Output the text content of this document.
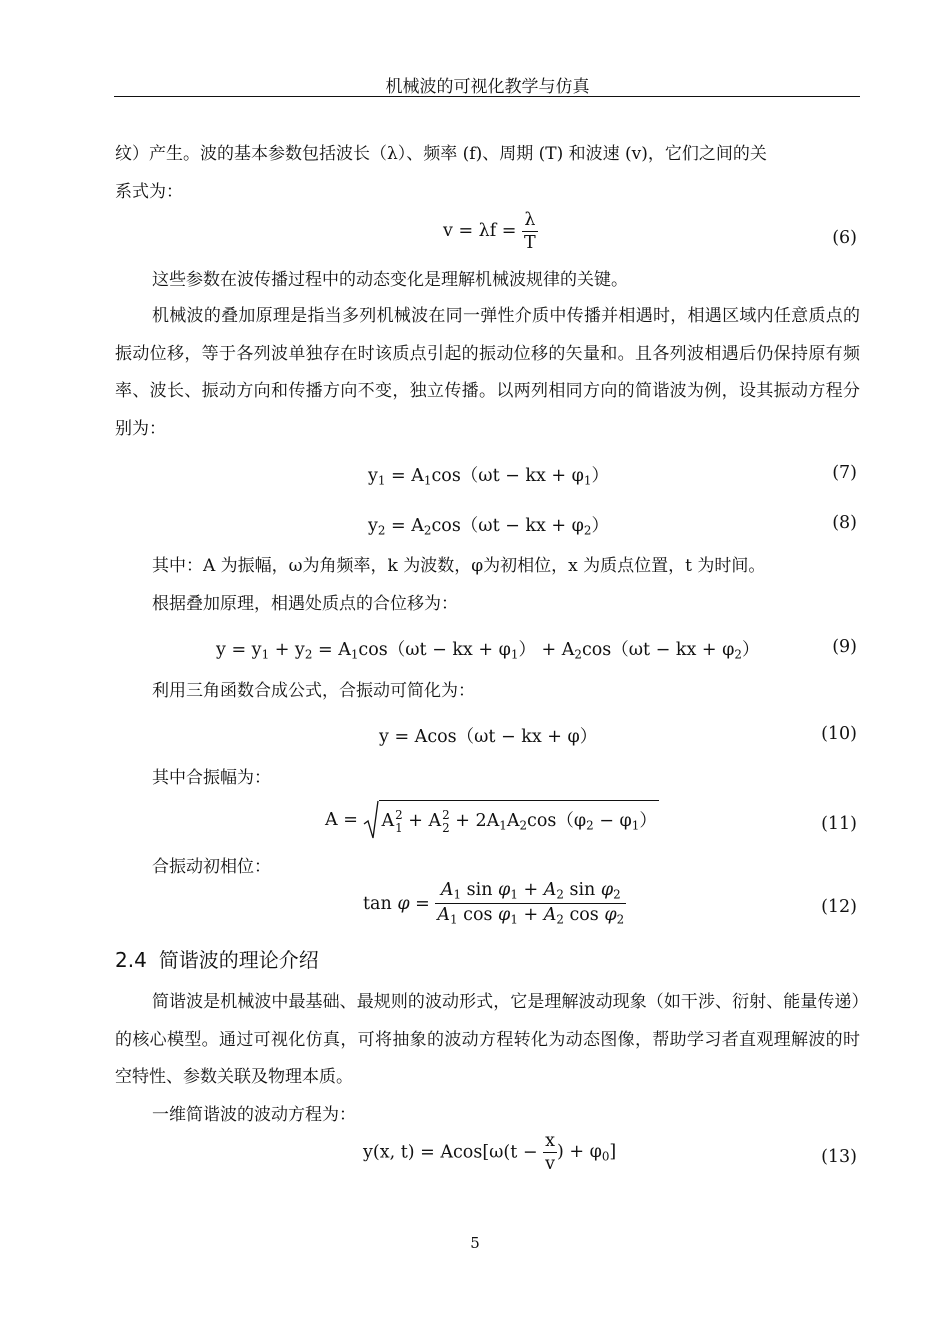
机械波的可视化教学与仿真
纹）产生。波的基本参数包括波长（λ）、频率 (f)、周期 (T) 和波速 (v)，它们之间的关
系式为：
$v = \lambda f = \frac{\lambda}{T}$	(6)
这些参数在波传播过程中的动态变化是理解机械波规律的关键。
机械波的叠加原理是指当多列机械波在同一弹性介质中传播并相遇时，相遇区域内任意质点的振动位移，等于各列波单独存在时该质点引起的振动位移的矢量和。且各列波相遇后仍保持原有频率、波长、振动方向和传播方向不变，独立传播。以两列相同方向的简谐波为例，设其振动方程分别为：
$y_1 = A_1\cos(\omega t$ − kx + $\varphi_1$）	(7)
$y_2 = A_2\cos(\omega t$ − kx + $\varphi_2$）	(8)
其中：A 为振幅，ω为角频率，k 为波数，φ为初相位，x 为质点位置，t 为时间。
根据叠加原理，相遇处质点的合位移为：
$y = y_1 + y_2 = A_1\cos(\omega t$ − kx + $\varphi_1) + A_2\cos(\omega t$ − kx + $\varphi_2$）	(9)
利用三角函数合成公式，合振动可简化为：
y = Acos（ωt − kx + φ）	(10)
其中合振幅为：
A = A 2
1 + A 2
$2 + 2A_1A_2\cos(\varphi_2 - \varphi_1)$	(11)
合振动初相位：
$\tan \varphi = \frac{A_1 \sin \varphi_1 + A_2 \sin \varphi_2}{A_1 \cos \varphi_1 + A_2 \cos \varphi_2}$	(12)
2.4 简谐波的理论介绍
简谐波是机械波中最基础、最规则的波动形式，它是理解波动现象（如干涉、衍射、能量传递）的核心模型。通过可视化仿真，可将抽象的波动方程转化为动态图像，帮助学习者直观理解波的时空特性、参数关联及物理本质。
一维简谐波的波动方程为：
y(x, $t) = Acos[\omega(t - \frac{x}{v}$ ) + $\varphi_0$]	(13)
5
